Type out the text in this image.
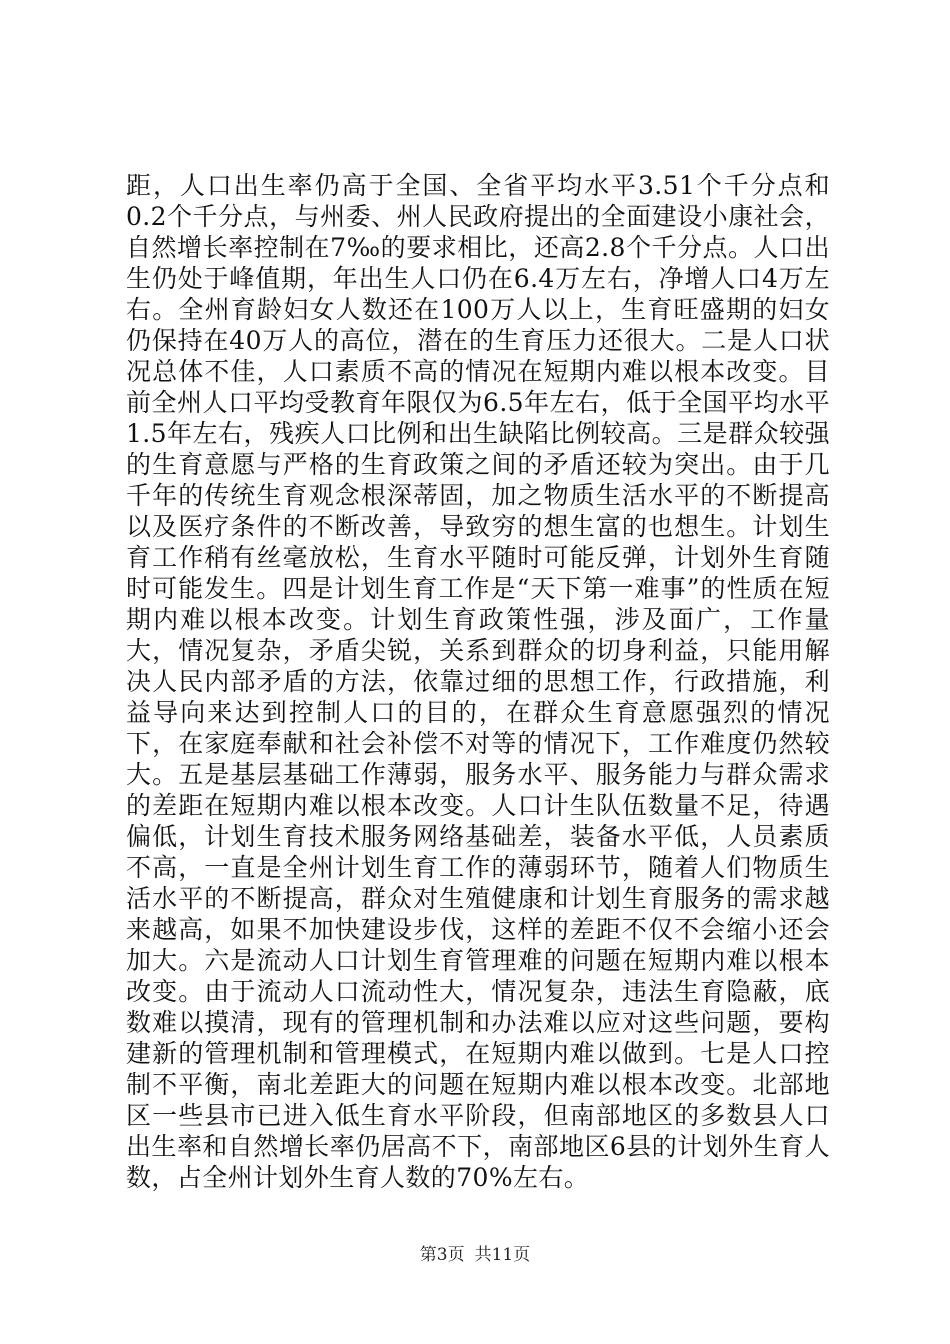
距，人口出生率仍高于全国、全省平均水平3.51个千分点和0.2个千分点，与州委、州人民政府提出的全面建设小康社会，自然增长率控制在7‰的要求相比，还高2.8个千分点。人口出生仍处于峰值期，年出生人口仍在6.4万左右，净增人口4万左右。全州育龄妇女人数还在100万人以上，生育旺盛期的妇女仍保持在40万人的高位，潜在的生育压力还很大。二是人口状况总体不佳，人口素质不高的情况在短期内难以根本改变。目前全州人口平均受教育年限仅为6.5年左右，低于全国平均水平1.5年左右，残疾人口比例和出生缺陷比例较高。三是群众较强的生育意愿与严格的生育政策之间的矛盾还较为突出。由于几千年的传统生育观念根深蒂固，加之物质生活水平的不断提高以及医疗条件的不断改善，导致穷的想生富的也想生。计划生育工作稍有丝毫放松，生育水平随时可能反弹，计划外生育随时可能发生。四是计划生育工作是“天下第一难事”的性质在短期内难以根本改变。计划生育政策性强，涉及面广，工作量大，情况复杂，矛盾尖锐，关系到群众的切身利益，只能用解决人民内部矛盾的方法，依靠过细的思想工作，行政措施，利益导向来达到控制人口的目的，在群众生育意愿强烈的情况下，在家庭奉献和社会补偿不对等的情况下，工作难度仍然较大。五是基层基础工作薄弱，服务水平、服务能力与群众需求的差距在短期内难以根本改变。人口计生队伍数量不足，待遇偏低，计划生育技术服务网络基础差，装备水平低，人员素质不高，一直是全州计划生育工作的薄弱环节，随着人们物质生活水平的不断提高，群众对生殖健康和计划生育服务的需求越来越高，如果不加快建设步伐，这样的差距不仅不会缩小还会加大。六是流动人口计划生育管理难的问题在短期内难以根本改变。由于流动人口流动性大，情况复杂，违法生育隐蔽，底数难以摸清，现有的管理机制和办法难以应对这些问题，要构建新的管理机制和管理模式，在短期内难以做到。七是人口控制不平衡，南北差距大的问题在短期内难以根本改变。北部地区一些县市已进入低生育水平阶段，但南部地区的多数县人口出生率和自然增长率仍居高不下，南部地区6县的计划外生育人数，占全州计划外生育人数的70%左右。

第3页 共11页
